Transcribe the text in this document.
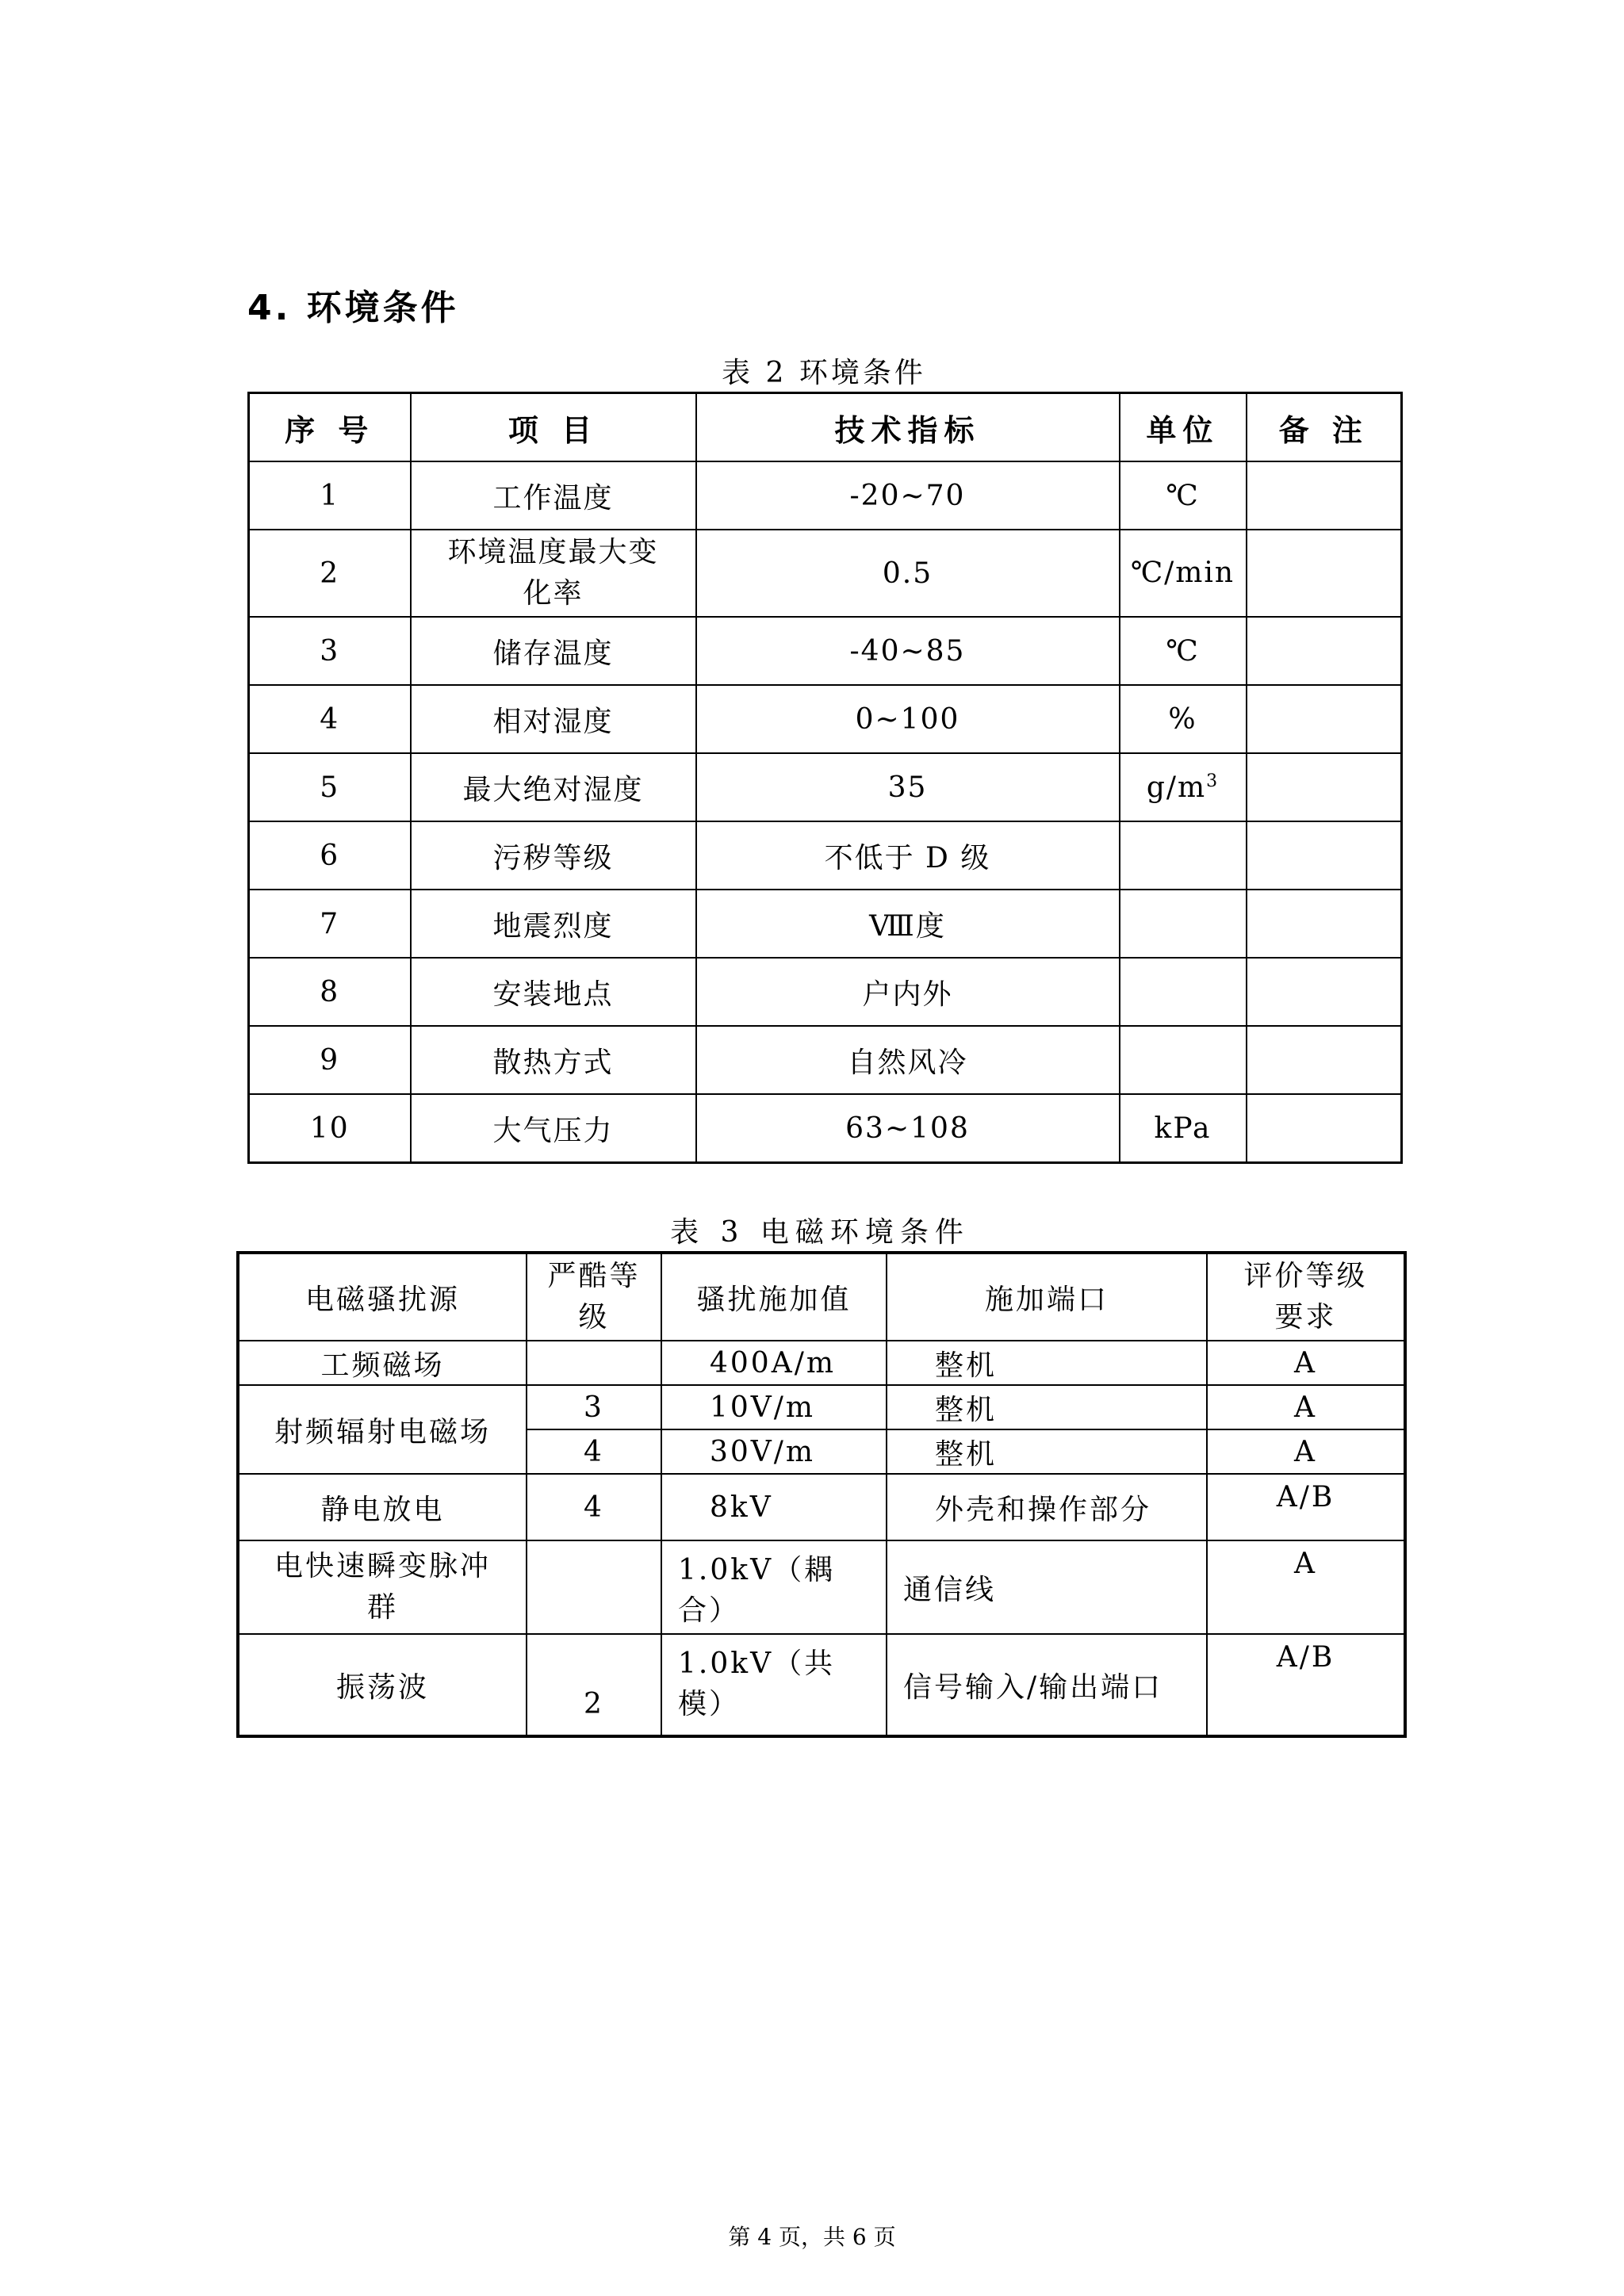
4. 环境条件
表 2 环境条件
序 号	项 目	技术指标	单位	备 注
1	工作温度	-20~70	℃	
2	环境温度最大变化率	0.5	℃/min	
3	储存温度	-40~85	℃	
4	相对湿度	0~100	%	
5	最大绝对湿度	35	$g/m^3$	
6	污秽等级	不低于 D 级		
7	地震烈度	Ⅷ度		
8	安装地点	户内外		
9	散热方式	自然风冷		
10	大气压力	63~108	kPa	
表 3 电磁环境条件
电磁骚扰源	严酷等级	骚扰施加值	施加端口	评价等级要求
工频磁场		400A/m	整机	A
射频辐射电磁场	3	10V/m	整机	A
	4	30V/m	整机	A
静电放电	4	8kV	外壳和操作部分	A/B
电快速瞬变脉冲群		1.0kV（耦合）	通信线	A
振荡波	2	1.0kV（共模）	信号输入/输出端口	A/B
第 4 页，共 6 页
